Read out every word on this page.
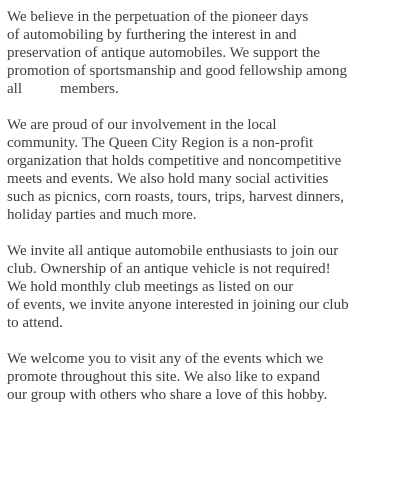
We believe in the perpetuation of the pioneer days
of automobiling by furthering the interest in and
preservation of antique automobiles. We support the
promotion of sportsmanship and good fellowship among
all	members.

We are proud of our involvement in the local
community. The Queen City Region is a non-profit
organization that holds competitive and noncompetitive
meets and events. We also hold many social activities
such as picnics, corn roasts, tours, trips, harvest dinners,
holiday parties and much more.

We invite all antique automobile enthusiasts to join our
club. Ownership of an antique vehicle is not required!
We hold monthly club meetings as listed on our
of events, we invite anyone interested in joining our club
to attend.

We welcome you to visit any of the events which we
promote throughout this site. We also like to expand
our group with others who share a love of this hobby.
